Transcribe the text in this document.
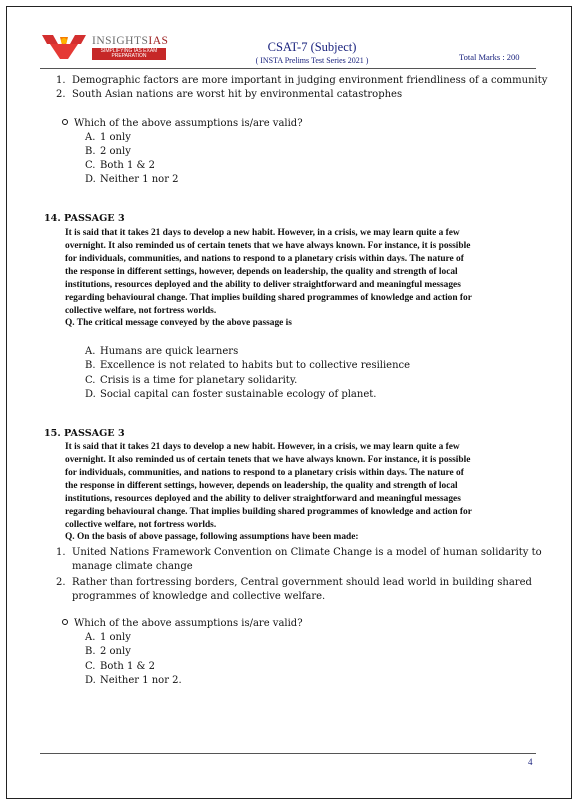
INSIGHTSIAS
SIMPLIFYING IAS EXAM
PREPARATION
CSAT-7 (Subject)
( INSTA Prelims Test Series 2021 )	Total Marks : 200
1. Demographic factors are more important in judging environment friendliness of a community
2. South Asian nations are worst hit by environmental catastrophes
Which of the above assumptions is/are valid?
A. 1 only
B. 2 only
C. Both 1 & 2
D. Neither 1 nor 2
14. PASSAGE 3
It is said that it takes 21 days to develop a new habit. However, in a crisis, we may learn quite a few
overnight. It also reminded us of certain tenets that we have always known. For instance, it is possible
for individuals, communities, and nations to respond to a planetary crisis within days. The nature of
the response in different settings, however, depends on leadership, the quality and strength of local
institutions, resources deployed and the ability to deliver straightforward and meaningful messages
regarding behavioural change. That implies building shared programmes of knowledge and action for
collective welfare, not fortress worlds.
Q. The critical message conveyed by the above passage is
A. Humans are quick learners
B. Excellence is not related to habits but to collective resilience
C. Crisis is a time for planetary solidarity.
D. Social capital can foster sustainable ecology of planet.
15. PASSAGE 3
It is said that it takes 21 days to develop a new habit. However, in a crisis, we may learn quite a few
overnight. It also reminded us of certain tenets that we have always known. For instance, it is possible
for individuals, communities, and nations to respond to a planetary crisis within days. The nature of
the response in different settings, however, depends on leadership, the quality and strength of local
institutions, resources deployed and the ability to deliver straightforward and meaningful messages
regarding behavioural change. That implies building shared programmes of knowledge and action for
collective welfare, not fortress worlds.
Q. On the basis of above passage, following assumptions have been made:
1. United Nations Framework Convention on Climate Change is a model of human solidarity to
manage climate change
2. Rather than fortressing borders, Central government should lead world in building shared
programmes of knowledge and collective welfare.
Which of the above assumptions is/are valid?
A. 1 only
B. 2 only
C. Both 1 & 2
D. Neither 1 nor 2.
4
